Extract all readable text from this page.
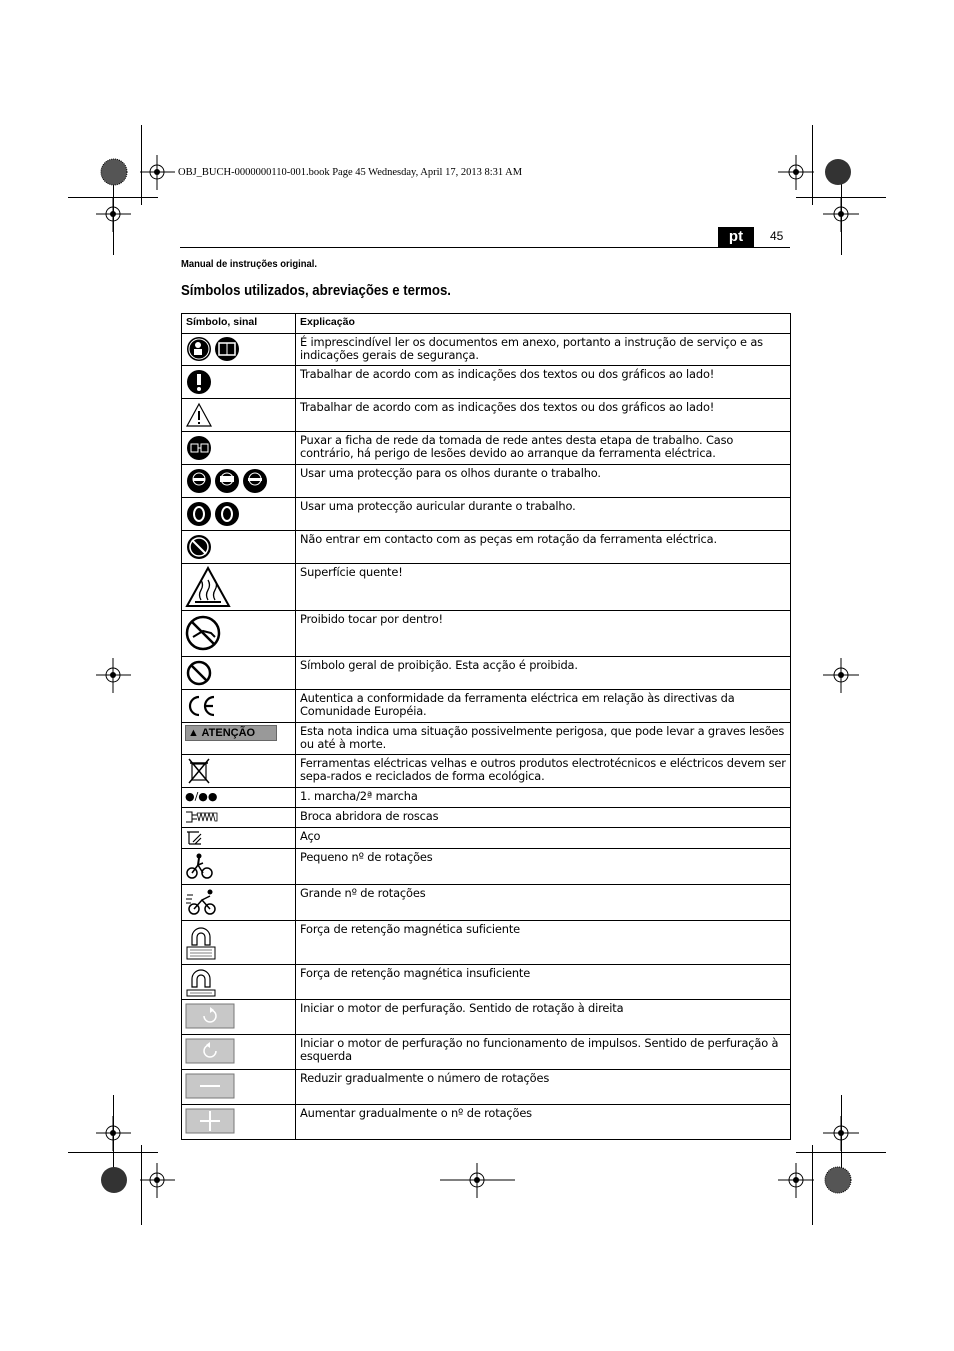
OBJ_BUCH-0000000110-001.book Page 45 Wednesday, April 17, 2013 8:31 AM
pt	45
Manual de instruções original.
Símbolos utilizados, abreviações e termos.
Símbolo, sinal	Explicação

	É imprescindível ler os documentos em anexo, portanto a instrução de serviço e as indicações gerais de segurança.

	Trabalhar de acordo com as indicações dos textos ou dos gráficos ao lado!

	Trabalhar de acordo com as indicações dos textos ou dos gráficos ao lado!

	Puxar a ficha de rede da tomada de rede antes desta etapa de trabalho. Caso contrário, há perigo de lesões devido ao arranque da ferramenta eléctrica.

	Usar uma protecção para os olhos durante o trabalho.

	Usar uma protecção auricular durante o trabalho.

	Não entrar em contacto com as peças em rotação da ferramenta eléctrica.

	Superfície quente!

	Proibido tocar por dentro!

	Símbolo geral de proibição. Esta acção é proibida.

	Autentica a conformidade da ferramenta eléctrica em relação às directivas da Comunidade Européia.
▲ ATENÇÃO	Esta nota indica uma situação possivelmente perigosa, que pode levar a graves lesões ou até à morte.

	Ferramentas eléctricas velhas e outros produtos electrotécnicos e eléctricos devem ser sepa-rados e reciclados de forma ecológica.
●/●●	1. marcha/2ª marcha

	Broca abridora de roscas

	Aço

	Pequeno nº de rotações

	Grande nº de rotações

	Força de retenção magnética suficiente

	Força de retenção magnética insuficiente

	Iniciar o motor de perfuração. Sentido de rotação à direita

	Iniciar o motor de perfuração no funcionamento de impulsos. Sentido de perfuração à esquerda

	Reduzir gradualmente o número de rotações

	Aumentar gradualmente o nº de rotações
